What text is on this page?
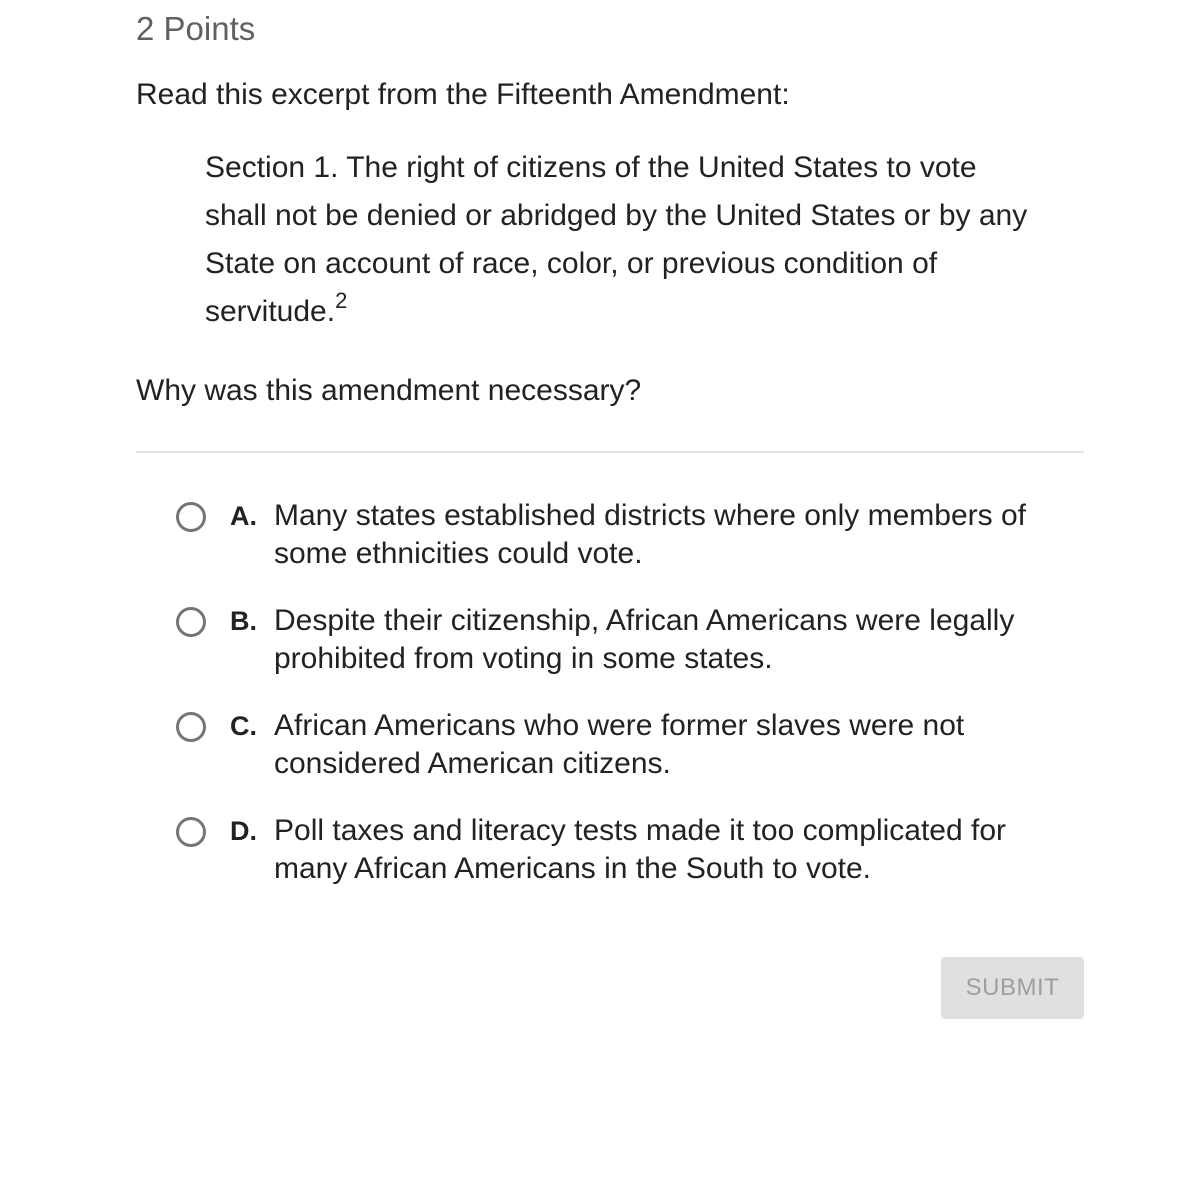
2 Points
Read this excerpt from the Fifteenth Amendment:
Section 1. The right of citizens of the United States to vote shall not be denied or abridged by the United States or by any State on account of race, color, or previous condition of servitude.$^2$
Why was this amendment necessary?
A. Many states established districts where only members of some ethnicities could vote.
B. Despite their citizenship, African Americans were legally prohibited from voting in some states.
C. African Americans who were former slaves were not considered American citizens.
D. Poll taxes and literacy tests made it too complicated for many African Americans in the South to vote.
SUBMIT
